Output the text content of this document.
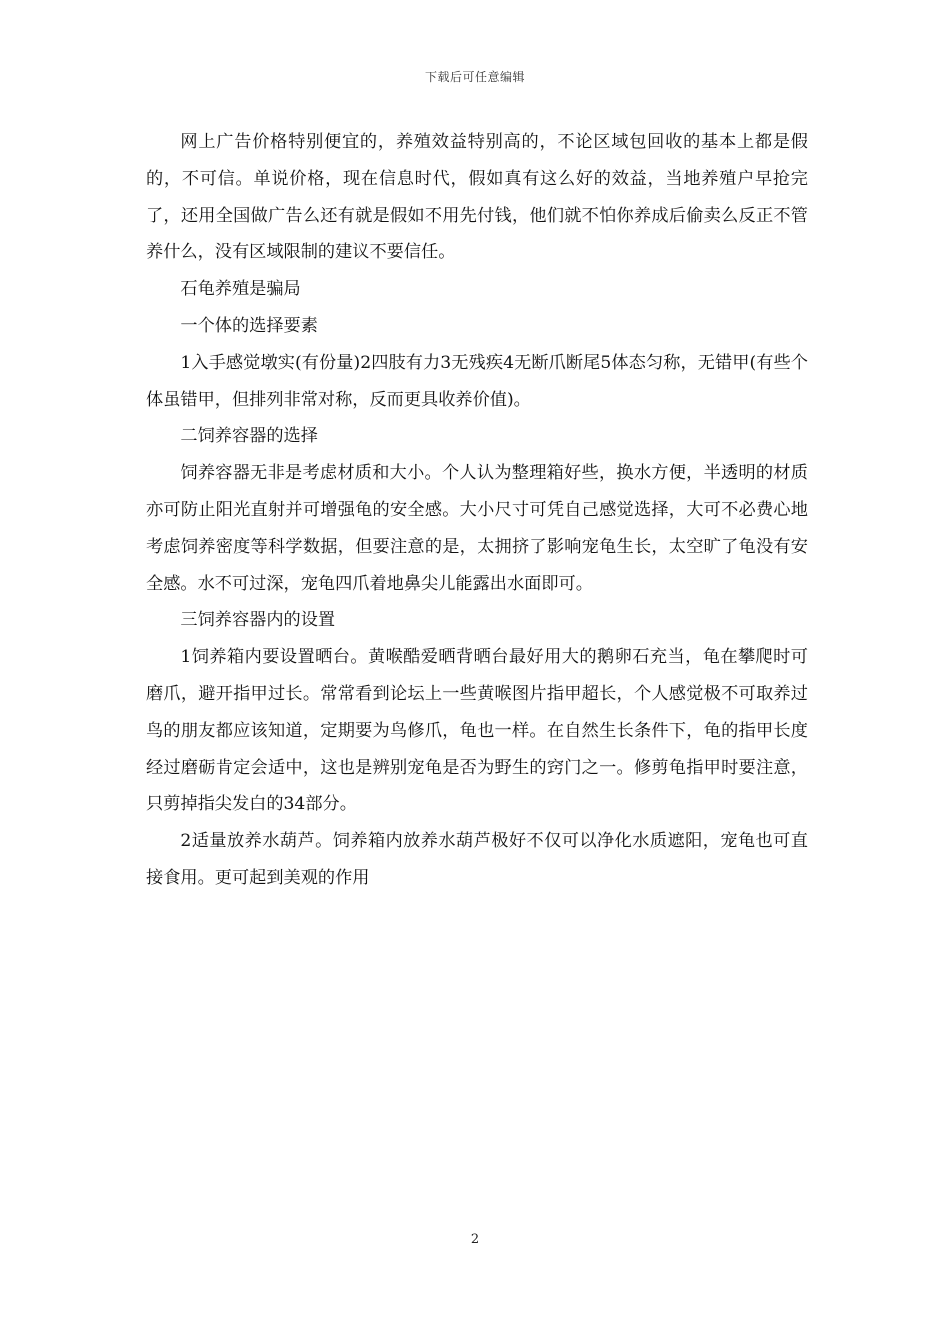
下载后可任意编辑

网上广告价格特别便宜的，养殖效益特别高的，不论区域包回收的基本上都是假的，不可信。单说价格，现在信息时代，假如真有这么好的效益，当地养殖户早抢完了，还用全国做广告么还有就是假如不用先付钱，他们就不怕你养成后偷卖么反正不管养什么，没有区域限制的建议不要信任。

石龟养殖是骗局

一个体的选择要素

1入手感觉墩实(有份量)2四肢有力3无残疾4无断爪断尾5体态匀称，无错甲(有些个体虽错甲，但排列非常对称，反而更具收养价值)。

二饲养容器的选择

饲养容器无非是考虑材质和大小。个人认为整理箱好些，换水方便，半透明的材质亦可防止阳光直射并可增强龟的安全感。大小尺寸可凭自己感觉选择，大可不必费心地考虑饲养密度等科学数据，但要注意的是，太拥挤了影响宠龟生长，太空旷了龟没有安全感。水不可过深，宠龟四爪着地鼻尖儿能露出水面即可。

三饲养容器内的设置

1饲养箱内要设置晒台。黄喉酷爱晒背晒台最好用大的鹅卵石充当，龟在攀爬时可磨爪，避开指甲过长。常常看到论坛上一些黄喉图片指甲超长，个人感觉极不可取养过鸟的朋友都应该知道，定期要为鸟修爪，龟也一样。在自然生长条件下，龟的指甲长度经过磨砺肯定会适中，这也是辨别宠龟是否为野生的窍门之一。修剪龟指甲时要注意，只剪掉指尖发白的34部分。

2适量放养水葫芦。饲养箱内放养水葫芦极好不仅可以净化水质遮阳，宠龟也可直接食用。更可起到美观的作用

2
